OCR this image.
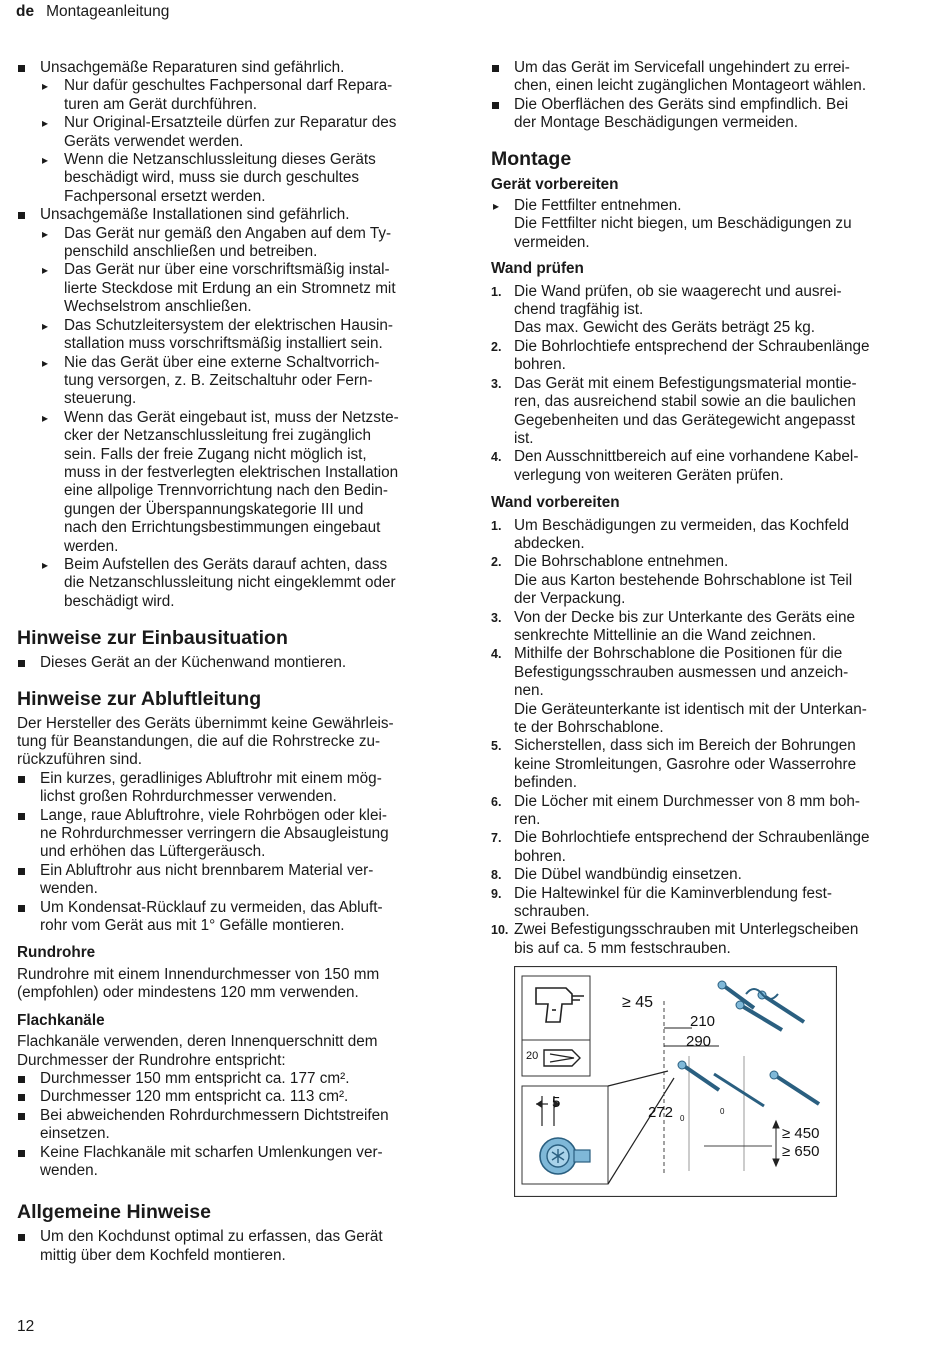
de Montageanleitung
Unsachgemäße Reparaturen sind gefährlich.
▸ Nur dafür geschultes Fachpersonal darf Repara-
turen am Gerät durchführen.
▸ Nur Original-Ersatzteile dürfen zur Reparatur des
Geräts verwendet werden.
▸ Wenn die Netzanschlussleitung dieses Geräts
beschädigt wird, muss sie durch geschultes
Fachpersonal ersetzt werden.
Unsachgemäße Installationen sind gefährlich.
▸ Das Gerät nur gemäß den Angaben auf dem Ty-
penschild anschließen und betreiben.
▸ Das Gerät nur über eine vorschriftsmäßig instal-
lierte Steckdose mit Erdung an ein Stromnetz mit
Wechselstrom anschließen.
▸ Das Schutzleitersystem der elektrischen Hausin-
stallation muss vorschriftsmäßig installiert sein.
▸ Nie das Gerät über eine externe Schaltvorrich-
tung versorgen, z. B. Zeitschaltuhr oder Fern-
steuerung.
▸ Wenn das Gerät eingebaut ist, muss der Netzste-
cker der Netzanschlussleitung frei zugänglich
sein. Falls der freie Zugang nicht möglich ist,
muss in der festverlegten elektrischen Installation
eine allpolige Trennvorrichtung nach den Bedin-
gungen der Überspannungskategorie III und
nach den Errichtungsbestimmungen eingebaut
werden.
▸ Beim Aufstellen des Geräts darauf achten, dass
die Netzanschlussleitung nicht eingeklemmt oder
beschädigt wird.
Hinweise zur Einbausituation
Dieses Gerät an der Küchenwand montieren.
Hinweise zur Abluftleitung

Der Hersteller des Geräts übernimmt keine Gewährleis-
tung für Beanstandungen, die auf die Rohrstrecke zu-
rückzuführen sind.

Ein kurzes, geradliniges Abluftrohr mit einem mög-
lichst großen Rohrdurchmesser verwenden.
Lange, raue Abluftrohre, viele Rohrbögen oder klei-
ne Rohrdurchmesser verringern die Absaugleistung
und erhöhen das Lüftergeräusch.
Ein Abluftrohr aus nicht brennbarem Material ver-
wenden.
Um Kondensat-Rücklauf zu vermeiden, das Abluft-
rohr vom Gerät aus mit 1° Gefälle montieren.
Rundrohre

Rundrohre mit einem Innendurchmesser von 150 mm
(empfohlen) oder mindestens 120 mm verwenden.

Flachkanäle

Flachkanäle verwenden, deren Innenquerschnitt dem
Durchmesser der Rundrohre entspricht:

Durchmesser 150 mm entspricht ca. 177 cm².
Durchmesser 120 mm entspricht ca. 113 cm².
Bei abweichenden Rohrdurchmessern Dichtstreifen
einsetzen.
Keine Flachkanäle mit scharfen Umlenkungen ver-
wenden.
Allgemeine Hinweise
Um den Kochdunst optimal zu erfassen, das Gerät
mittig über dem Kochfeld montieren.
Um das Gerät im Servicefall ungehindert zu errei-
chen, einen leicht zugänglichen Montageort wählen.
Die Oberflächen des Geräts sind empfindlich. Bei
der Montage Beschädigungen vermeiden.
Montage
Gerät vorbereiten
▸ Die Fettfilter entnehmen.
Die Fettfilter nicht biegen, um Beschädigungen zu
vermeiden.
Wand prüfen
1. Die Wand prüfen, ob sie waagerecht und ausrei-
chend tragfähig ist.
Das max. Gewicht des Geräts beträgt 25 kg.
2. Die Bohrlochtiefe entsprechend der Schraubenlänge
bohren.
3. Das Gerät mit einem Befestigungsmaterial montie-
ren, das ausreichend stabil sowie an die baulichen
Gegebenheiten und das Gerätegewicht angepasst
ist.
4. Den Ausschnittbereich auf eine vorhandene Kabel-
verlegung von weiteren Geräten prüfen.
Wand vorbereiten
1. Um Beschädigungen zu vermeiden, das Kochfeld
abdecken.
2. Die Bohrschablone entnehmen.
Die aus Karton bestehende Bohrschablone ist Teil
der Verpackung.
3. Von der Decke bis zur Unterkante des Geräts eine
senkrechte Mittellinie an die Wand zeichnen.
4. Mithilfe der Bohrschablone die Positionen für die
Befestigungsschrauben ausmessen und anzeich-
nen.
Die Geräteunterkante ist identisch mit der Unterkan-
te der Bohrschablone.
5. Sicherstellen, dass sich im Bereich der Bohrungen
keine Stromleitungen, Gasrohre oder Wasserrohre
befinden.
6. Die Löcher mit einem Durchmesser von 8 mm boh-
ren.
7. Die Bohrlochtiefe entsprechend der Schraubenlänge
bohren.
8. Die Dübel wandbündig einsetzen.
9. Die Haltewinkel für die Kaminverblendung fest-
schrauben.
10. Zwei Befestigungsschrauben mit Unterlegscheiben
bis auf ca. 5 mm festschrauben.
20
5
≥ 45
210
290
272 0
0
≥ 450
≥ 650
12
